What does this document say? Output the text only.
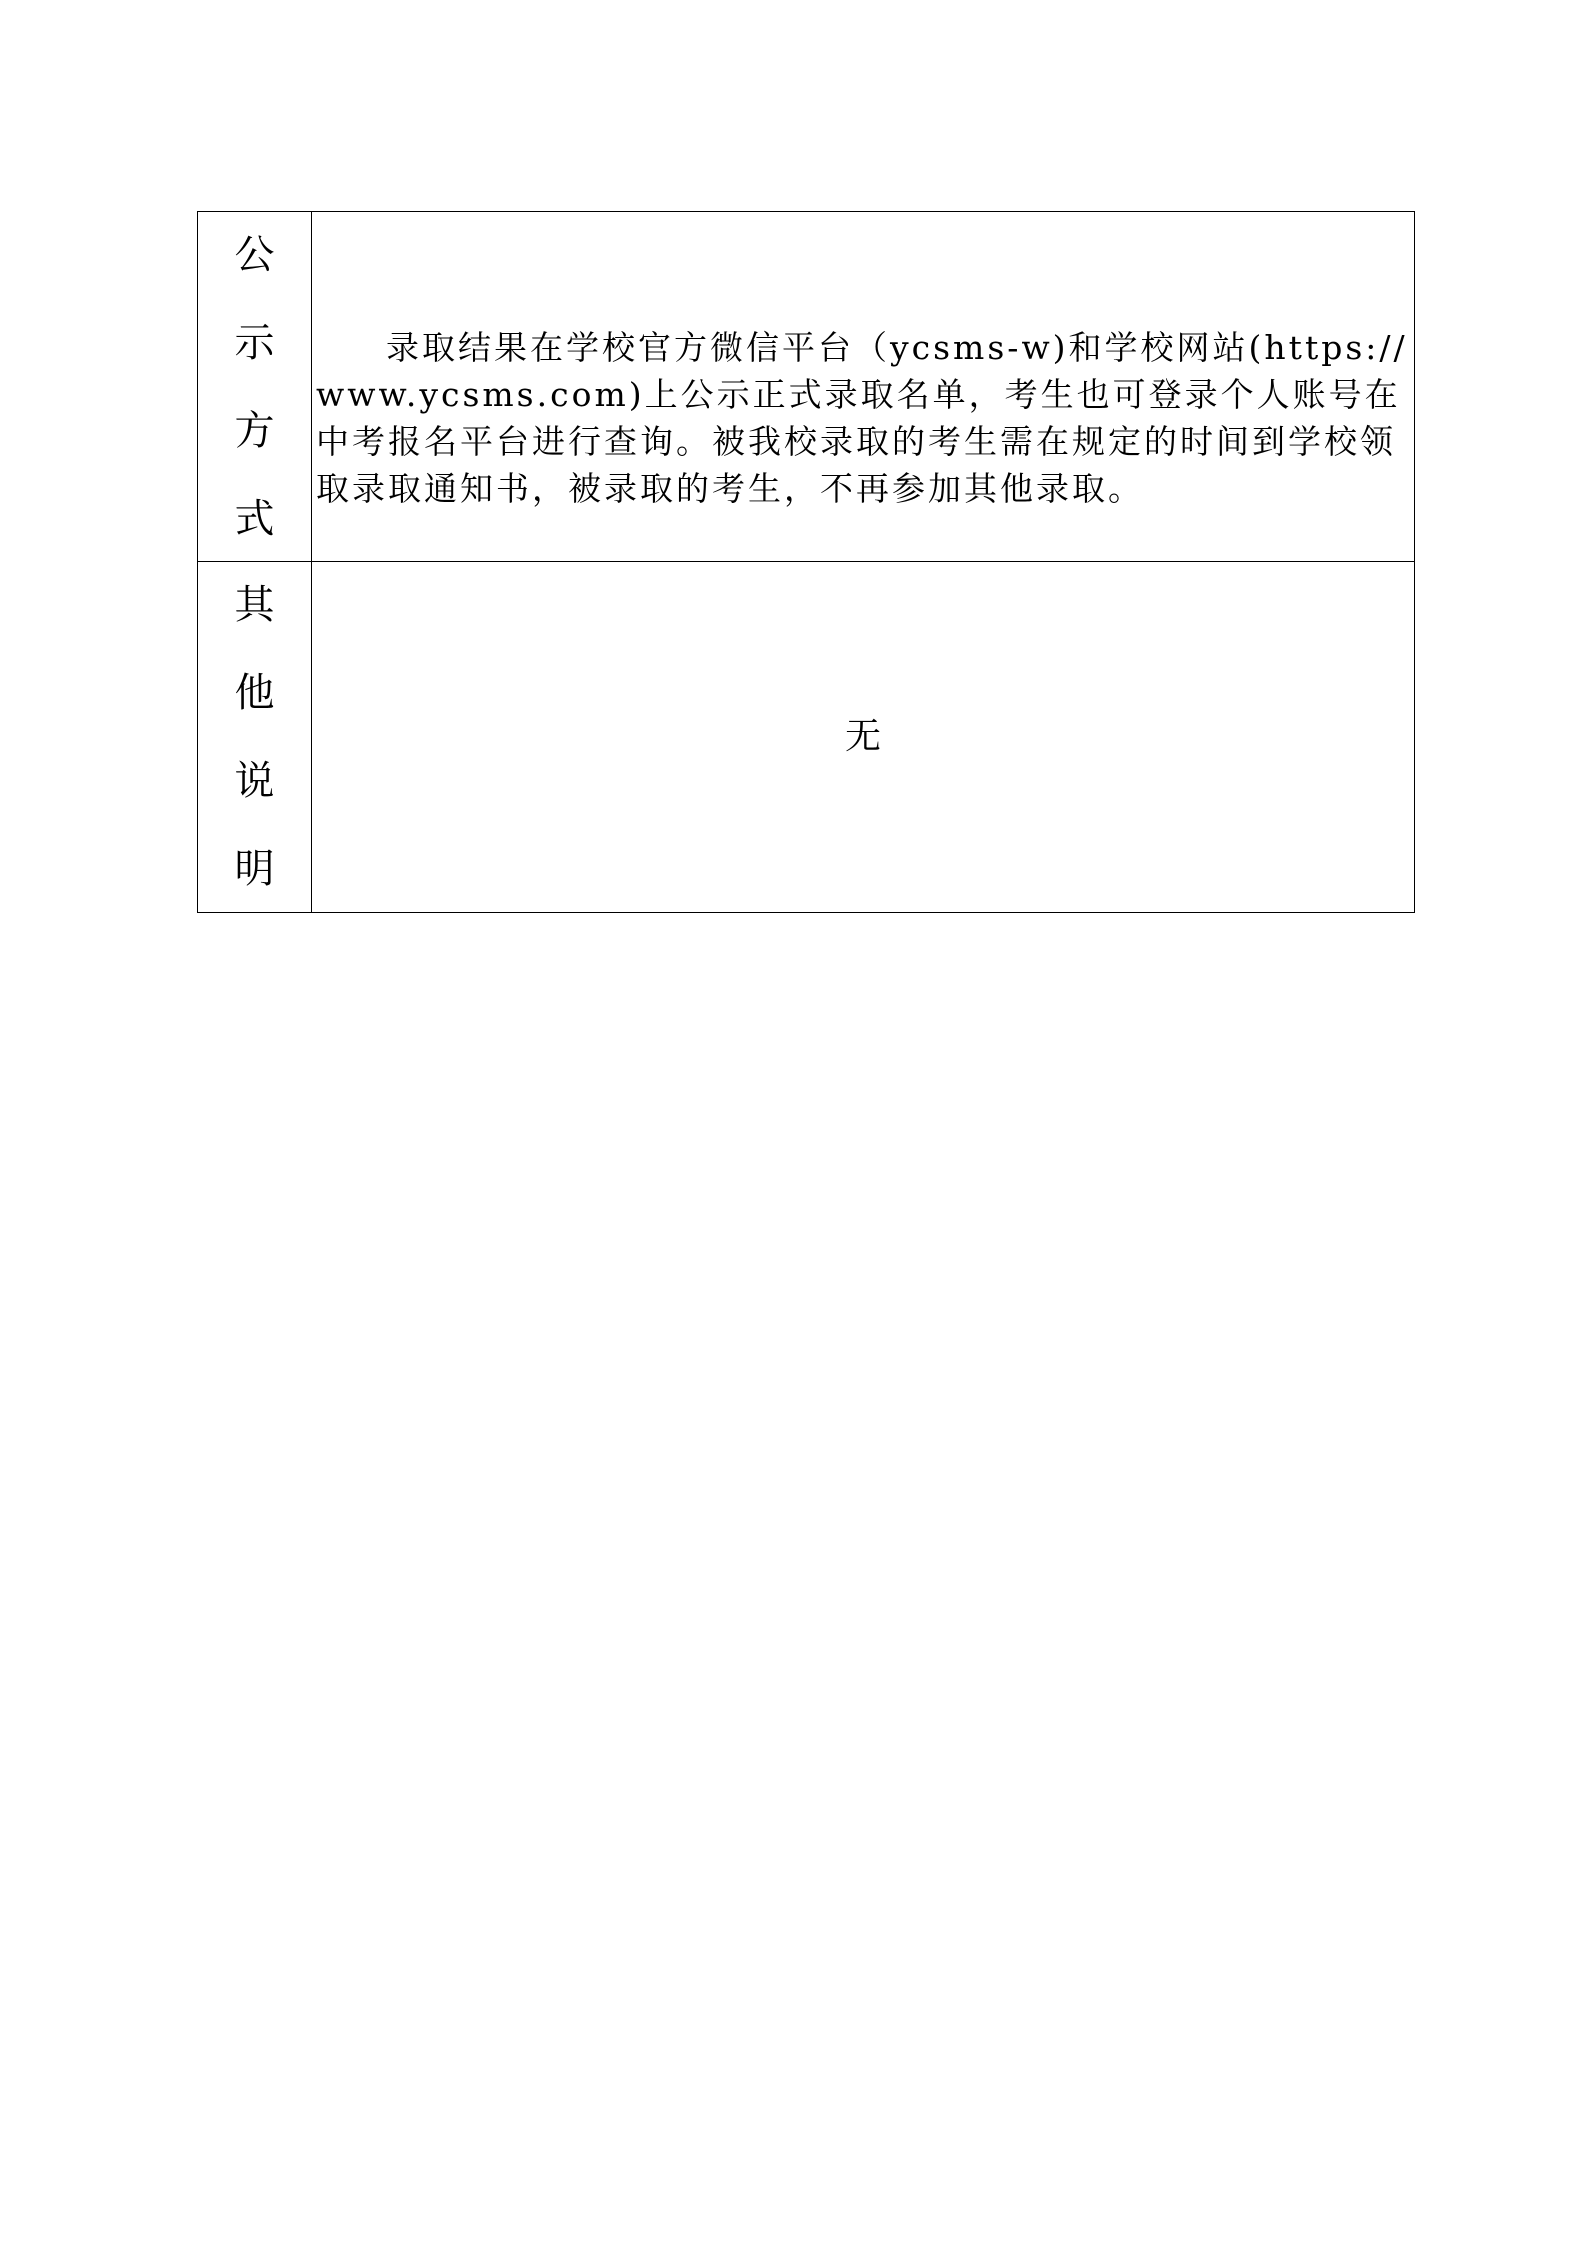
公
示
方
式	录取结果在学校官方微信平台（ycsms-w)和学校网站(https://www.ycsms.com)上公示正式录取名单，考生也可登录个人账号在中考报名平台进行查询。被我校录取的考生需在规定的时间到学校领取录取通知书，被录取的考生，不再参加其他录取。

其
他
说
明	无
